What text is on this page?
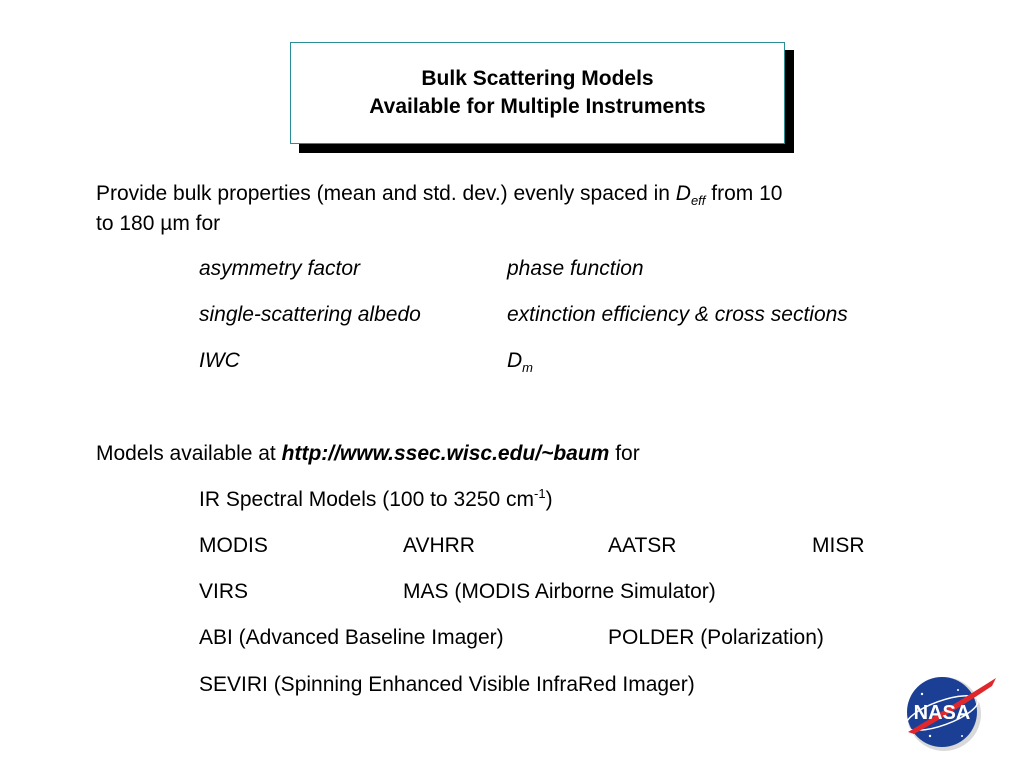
Bulk Scattering Models
Available for Multiple Instruments
Provide bulk properties (mean and std. dev.) evenly spaced in $D_{eff}$ from 10
to 180 µm for
asymmetry factor	phase function
single-scattering albedo	extinction efficiency & cross sections
IWC	$D_m$
Models available at http://www.ssec.wisc.edu/~baum for
IR Spectral Models (100 to 3250 $cm^{-1}$)
MODIS	AVHRR	AATSR	MISR
VIRS	MAS (MODIS Airborne Simulator)
ABI (Advanced Baseline Imager)	POLDER (Polarization)
SEVIRI (Spinning Enhanced Visible InfraRed Imager)
NASA
